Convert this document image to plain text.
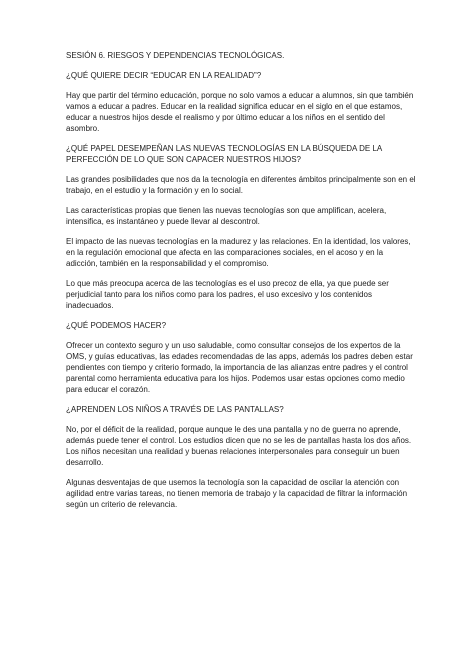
SESIÓN 6. RIESGOS Y DEPENDENCIAS TECNOLÓGICAS.

¿QUÉ QUIERE DECIR “EDUCAR EN LA REALIDAD”?

Hay que partir del término educación, porque no solo vamos a educar a alumnos, sin que también vamos a educar a padres. Educar en la realidad significa educar en el siglo en el que estamos, educar a nuestros hijos desde el realismo y por último educar a los niños en el sentido del asombro.

¿QUÉ PAPEL DESEMPEÑAN LAS NUEVAS TECNOLOGÍAS EN LA BÚSQUEDA DE LA PERFECCIÓN DE LO QUE SON CAPACER NUESTROS HIJOS?

Las grandes posibilidades que nos da la tecnología en diferentes ámbitos principalmente son en el trabajo, en el estudio y la formación y en lo social.

Las características propias que tienen las nuevas tecnologías son que amplifican, acelera, intensifica, es instantáneo y puede llevar al descontrol.

El impacto de las nuevas tecnologías en la madurez y las relaciones. En la identidad, los valores, en la regulación emocional que afecta en las comparaciones sociales, en el acoso y en la adicción, también en la responsabilidad y el compromiso.

Lo que más preocupa acerca de las tecnologías es el uso precoz de ella, ya que puede ser perjudicial tanto para los niños como para los padres, el uso excesivo y los contenidos inadecuados.

¿QUÉ PODEMOS HACER?

Ofrecer un contexto seguro y un uso saludable, como consultar consejos de los expertos de la OMS, y guías educativas, las edades recomendadas de las apps, además los padres deben estar pendientes con tiempo y criterio formado, la importancia de las alianzas entre padres y el control parental como herramienta educativa para los hijos. Podemos usar estas opciones como medio para educar el corazón.

¿APRENDEN LOS NIÑOS A TRAVÉS DE LAS PANTALLAS?

No, por el déficit de la realidad, porque aunque le des una pantalla y no de guerra no aprende, además puede tener el control. Los estudios dicen que no se les de pantallas hasta los dos años. Los niños necesitan una realidad y buenas relaciones interpersonales para conseguir un buen desarrollo.

Algunas desventajas de que usemos la tecnología son la capacidad de oscilar la atención con agilidad entre varias tareas, no tienen memoria de trabajo y la capacidad de filtrar la información según un criterio de relevancia.
